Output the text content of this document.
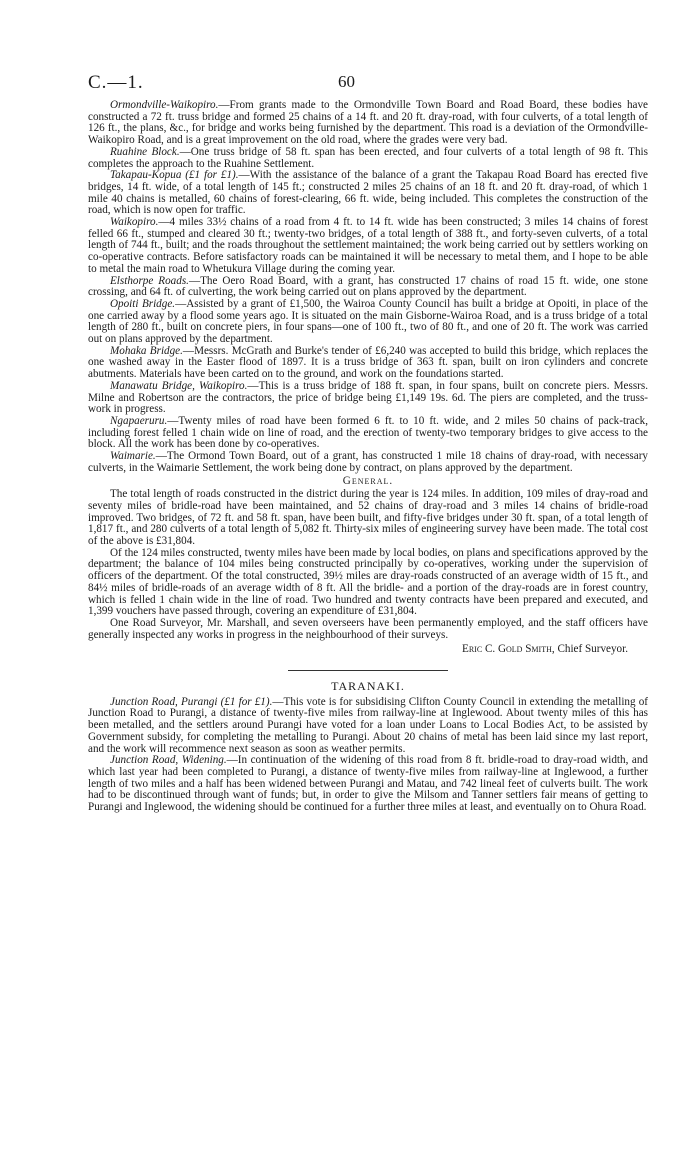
C.—1.	60

Ormondville-Waikopiro.—From grants made to the Ormondville Town Board and Road Board, these bodies have constructed a 72 ft. truss bridge and formed 25 chains of a 14 ft. and 20 ft. dray-road, with four culverts, of a total length of 126 ft., the plans, &c., for bridge and works being furnished by the department. This road is a deviation of the Ormondville-Waikopiro Road, and is a great improvement on the old road, where the grades were very bad.

Ruahine Block.—One truss bridge of 58 ft. span has been erected, and four culverts of a total length of 98 ft. This completes the approach to the Ruahine Settlement.

Takapau-Kopua (£1 for £1).—With the assistance of the balance of a grant the Takapau Road Board has erected five bridges, 14 ft. wide, of a total length of 145 ft.; constructed 2 miles 25 chains of an 18 ft. and 20 ft. dray-road, of which 1 mile 40 chains is metalled, 60 chains of forest-clearing, 66 ft. wide, being included. This completes the construction of the road, which is now open for traffic.

Waikopiro.—4 miles 33½ chains of a road from 4 ft. to 14 ft. wide has been constructed; 3 miles 14 chains of forest felled 66 ft., stumped and cleared 30 ft.; twenty-two bridges, of a total length of 388 ft., and forty-seven culverts, of a total length of 744 ft., built; and the roads throughout the settlement maintained; the work being carried out by settlers working on co-operative contracts. Before satisfactory roads can be maintained it will be necessary to metal them, and I hope to be able to metal the main road to Whetukura Village during the coming year.

Elsthorpe Roads.—The Oero Road Board, with a grant, has constructed 17 chains of road 15 ft. wide, one stone crossing, and 64 ft. of culverting, the work being carried out on plans approved by the department.

Opoiti Bridge.—Assisted by a grant of £1,500, the Wairoa County Council has built a bridge at Opoiti, in place of the one carried away by a flood some years ago. It is situated on the main Gisborne-Wairoa Road, and is a truss bridge of a total length of 280 ft., built on concrete piers, in four spans—one of 100 ft., two of 80 ft., and one of 20 ft. The work was carried out on plans approved by the department.

Mohaka Bridge.—Messrs. McGrath and Burke's tender of £6,240 was accepted to build this bridge, which replaces the one washed away in the Easter flood of 1897. It is a truss bridge of 363 ft. span, built on iron cylinders and concrete abutments. Materials have been carted on to the ground, and work on the foundations started.

Manawatu Bridge, Waikopiro.—This is a truss bridge of 188 ft. span, in four spans, built on concrete piers. Messrs. Milne and Robertson are the contractors, the price of bridge being £1,149 19s. 6d. The piers are completed, and the truss-work in progress.

Ngapaeruru.—Twenty miles of road have been formed 6 ft. to 10 ft. wide, and 2 miles 50 chains of pack-track, including forest felled 1 chain wide on line of road, and the erection of twenty-two temporary bridges to give access to the block. All the work has been done by co-operatives.

Waimarie.—The Ormond Town Board, out of a grant, has constructed 1 mile 18 chains of dray-road, with necessary culverts, in the Waimarie Settlement, the work being done by contract, on plans approved by the department.

General.

The total length of roads constructed in the district during the year is 124 miles. In addition, 109 miles of dray-road and seventy miles of bridle-road have been maintained, and 52 chains of dray-road and 3 miles 14 chains of bridle-road improved. Two bridges, of 72 ft. and 58 ft. span, have been built, and fifty-five bridges under 30 ft. span, of a total length of 1,817 ft., and 280 culverts of a total length of 5,082 ft. Thirty-six miles of engineering survey have been made. The total cost of the above is £31,804.

Of the 124 miles constructed, twenty miles have been made by local bodies, on plans and specifications approved by the department; the balance of 104 miles being constructed principally by co-operatives, working under the supervision of officers of the department. Of the total constructed, 39½ miles are dray-roads constructed of an average width of 15 ft., and 84½ miles of bridle-roads of an average width of 8 ft. All the bridle- and a portion of the dray-roads are in forest country, which is felled 1 chain wide in the line of road. Two hundred and twenty contracts have been prepared and executed, and 1,399 vouchers have passed through, covering an expenditure of £31,804.

One Road Surveyor, Mr. Marshall, and seven overseers have been permanently employed, and the staff officers have generally inspected any works in progress in the neighbourhood of their surveys.

Eric C. Gold Smith, Chief Surveyor.
TARANAKI.

Junction Road, Purangi (£1 for £1).—This vote is for subsidising Clifton County Council in extending the metalling of Junction Road to Purangi, a distance of twenty-five miles from railway-line at Inglewood. About twenty miles of this has been metalled, and the settlers around Purangi have voted for a loan under Loans to Local Bodies Act, to be assisted by Government subsidy, for completing the metalling to Purangi. About 20 chains of metal has been laid since my last report, and the work will recommence next season as soon as weather permits.

Junction Road, Widening.—In continuation of the widening of this road from 8 ft. bridle-road to dray-road width, and which last year had been completed to Purangi, a distance of twenty-five miles from railway-line at Inglewood, a further length of two miles and a half has been widened between Purangi and Matau, and 742 lineal feet of culverts built. The work had to be discontinued through want of funds; but, in order to give the Milsom and Tanner settlers fair means of getting to Purangi and Inglewood, the widening should be continued for a further three miles at least, and eventually on to Ohura Road.
